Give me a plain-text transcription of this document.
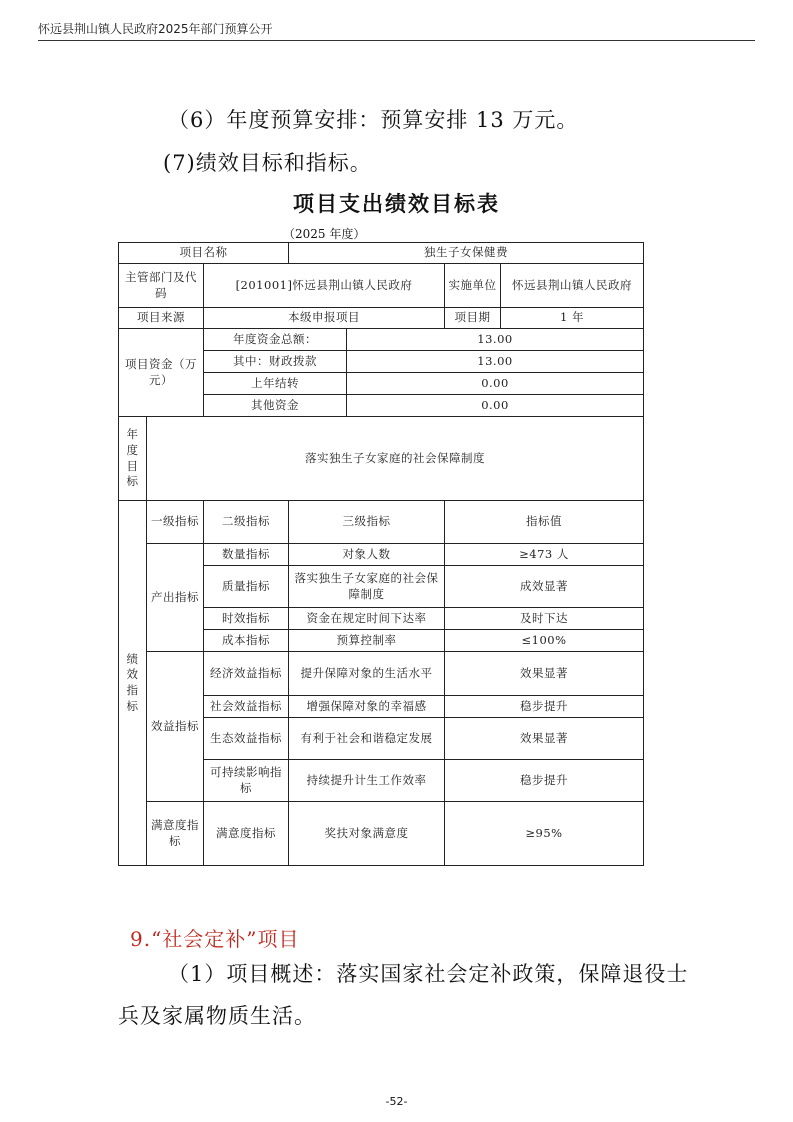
怀远县荆山镇人民政府2025年部门预算公开
（6）年度预算安排：预算安排 13 万元。
(7)绩效目标和指标。
项目支出绩效目标表
（2025 年度）
项目名称			独生子女保健费			
主管部门及代码		[201001]怀远县荆山镇人民政府			实施单位	怀远县荆山镇人民政府
项目来源		本级申报项目			项目期	1 年
项目资金（万元）		年度资金总额：		13.00		
		其中：财政拨款		13.00		
		上年结转		0.00		
		其他资金		0.00		
年度目标	落实独生子女家庭的社会保障制度					
绩效指标	一级指标	二级指标	三级指标		指标值	
	产出指标	数量指标	对象人数		≥473 人	
		质量指标	落实独生子女家庭的社会保障制度		成效显著	
		时效指标	资金在规定时间下达率		及时下达	
		成本指标	预算控制率		≤100%	
	效益指标	经济效益指标	提升保障对象的生活水平		效果显著	
		社会效益指标	增强保障对象的幸福感		稳步提升	
		生态效益指标	有利于社会和谐稳定发展		效果显著	
		可持续影响指标	持续提升计生工作效率		稳步提升	
	满意度指标	满意度指标	奖扶对象满意度		≥95%	
9.“社会定补”项目
（1）项目概述：落实国家社会定补政策，保障退役士
兵及家属物质生活。
-52-
